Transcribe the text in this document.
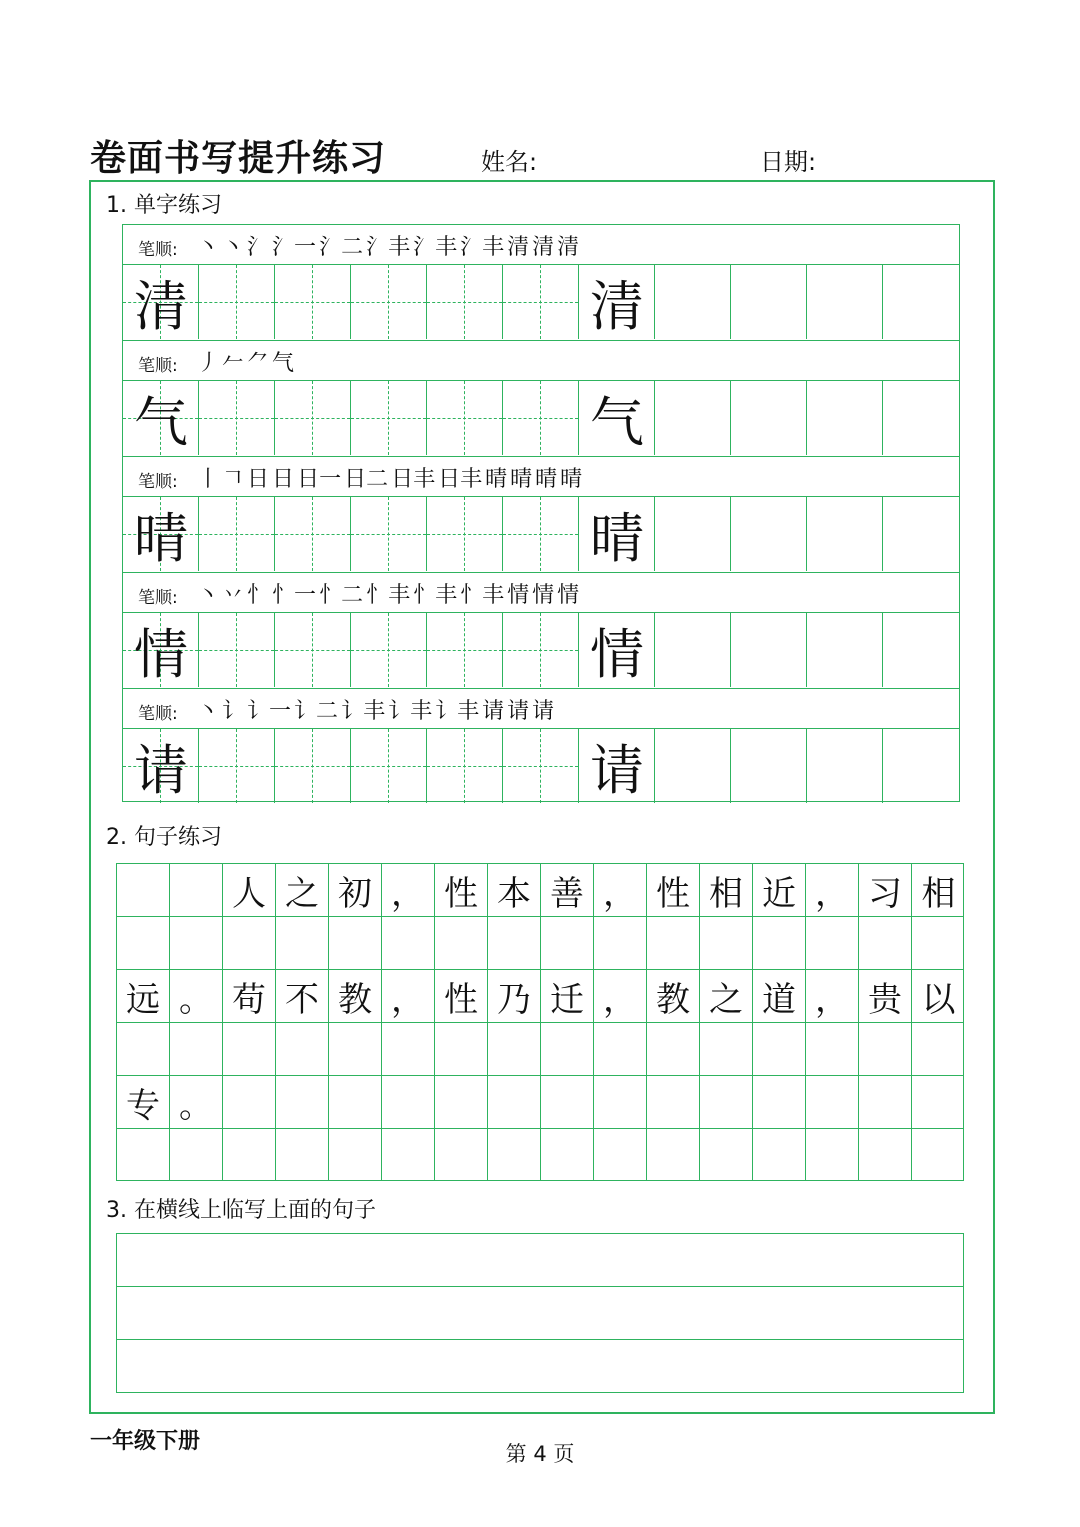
卷面书写提升练习	姓名:	日期:
1. 单字练习
笔顺: 丶 丶 氵 氵一 氵二 氵丰 氵丰 氵丰 清 清 清
清	清
笔顺: 丿 𠂉 ⺈ 气
气	气
笔顺: 丨 𠃍 日 日 日一 日二 日丰 日丰 晴 晴 晴 晴
晴	晴
笔顺: 丶 丷 忄 忄一 忄二 忄丰 忄丰 忄丰 情 情 情
情	情
笔顺: 丶 讠 讠一 讠二 讠丰 讠丰 讠丰 请 请 请
请	请
2. 句子练习
人 之 初 ， 性 本 善 ， 性 相 近 ， 习 相
远 。 苟 不 教 ， 性 乃 迁 ， 教 之 道 ， 贵 以
专 。
3. 在横线上临写上面的句子
一年级下册	第 4 页
